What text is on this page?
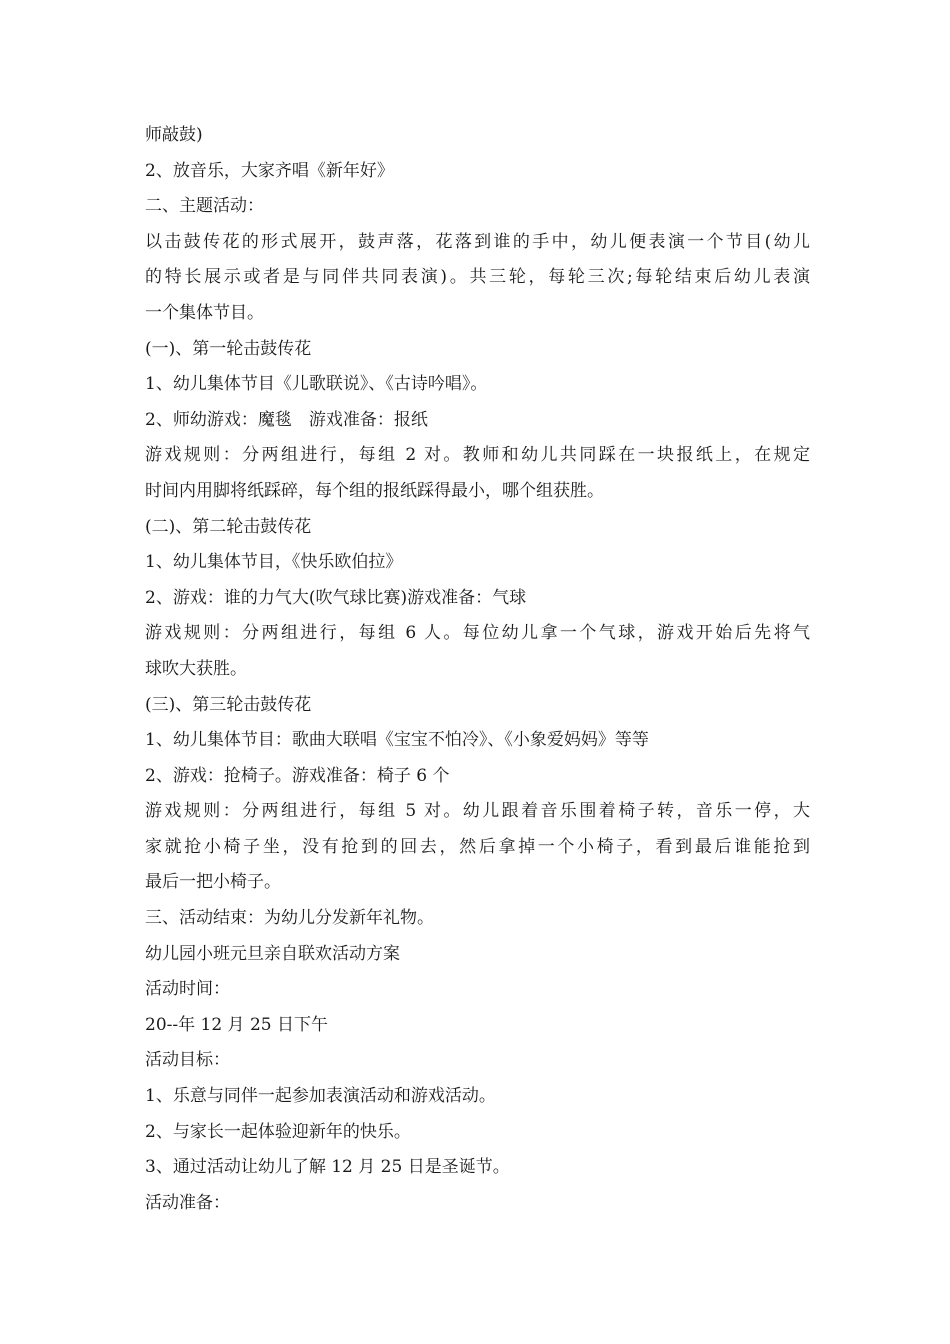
师敲鼓)
2、放音乐，大家齐唱《新年好》
二、主题活动：
以击鼓传花的形式展开，鼓声落，花落到谁的手中，幼儿便表演一个节目(幼儿
的特长展示或者是与同伴共同表演)。共三轮，每轮三次;每轮结束后幼儿表演
一个集体节目。
(一)、第一轮击鼓传花
1、幼儿集体节目《儿歌联说》、《古诗吟唱》。
2、师幼游戏：魔毯　游戏准备：报纸
游戏规则：分两组进行，每组 2 对。教师和幼儿共同踩在一块报纸上，在规定
时间内用脚将纸踩碎，每个组的报纸踩得最小，哪个组获胜。
(二)、第二轮击鼓传花
1、幼儿集体节目，《快乐欧伯拉》
2、游戏：谁的力气大(吹气球比赛)游戏准备：气球
游戏规则：分两组进行，每组 6 人。每位幼儿拿一个气球，游戏开始后先将气
球吹大获胜。
(三)、第三轮击鼓传花
1、幼儿集体节目：歌曲大联唱《宝宝不怕冷》、《小象爱妈妈》等等
2、游戏：抢椅子。游戏准备：椅子 6 个
游戏规则：分两组进行，每组 5 对。幼儿跟着音乐围着椅子转，音乐一停，大
家就抢小椅子坐，没有抢到的回去，然后拿掉一个小椅子，看到最后谁能抢到
最后一把小椅子。
三、活动结束：为幼儿分发新年礼物。
幼儿园小班元旦亲自联欢活动方案
活动时间：
20--年 12 月 25 日下午
活动目标：
1、乐意与同伴一起参加表演活动和游戏活动。
2、与家长一起体验迎新年的快乐。
3、通过活动让幼儿了解 12 月 25 日是圣诞节。
活动准备：
